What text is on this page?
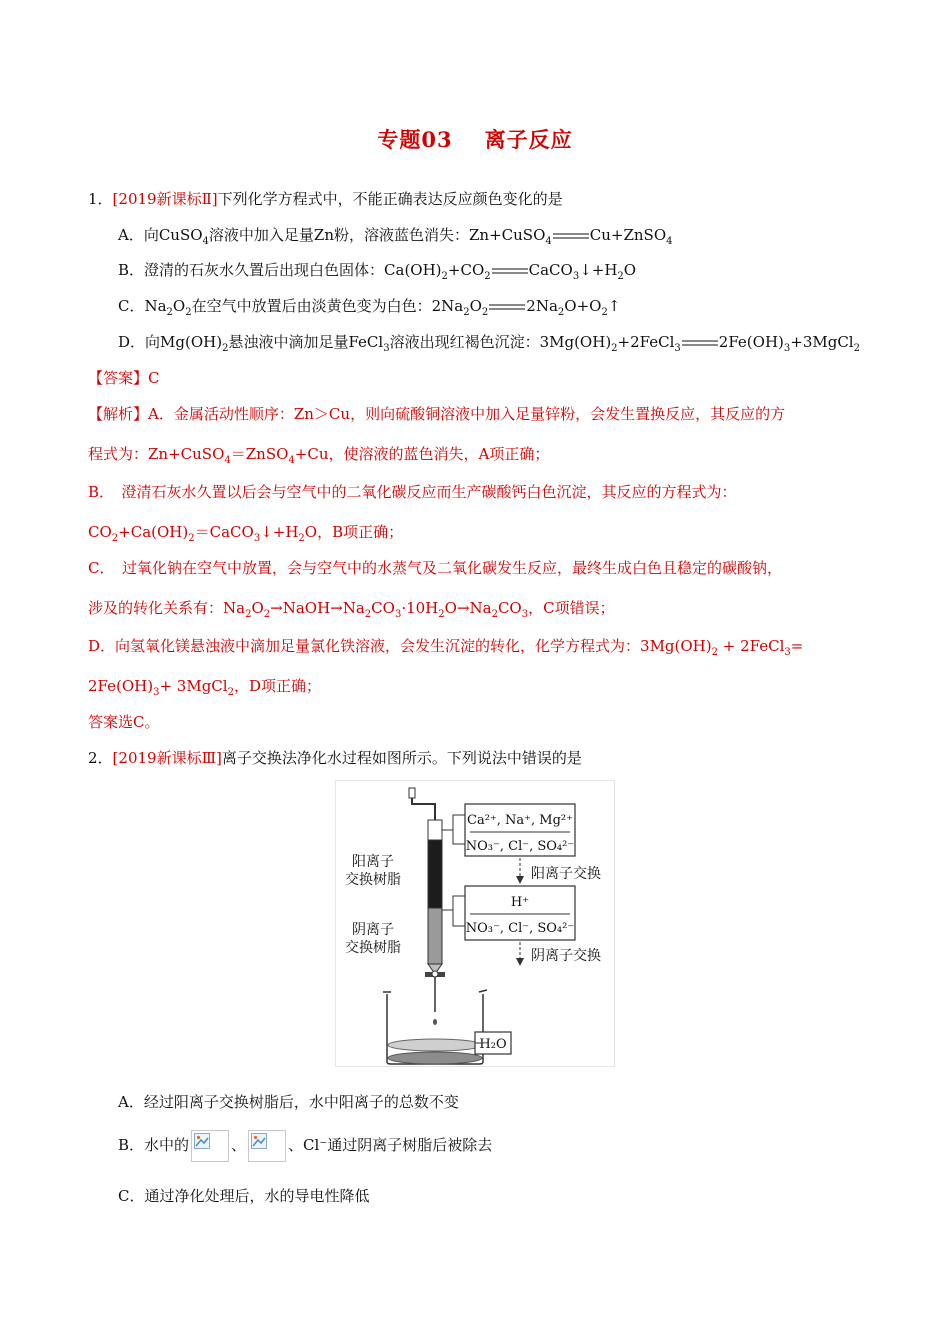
专题03 离子反应
1．[2019新课标Ⅱ]下列化学方程式中，不能正确表达反应颜色变化的是
A．向CuSO$_4$溶液中加入足量Zn粉，溶液蓝色消失：Zn+CuSO$_4$	Cu+ZnSO$_4$
B．澄清的石灰水久置后出现白色固体：$Ca(OH)_2+CO_2$	$CaCO_3↓+H_2O$
C．$Na_2O_2$在空气中放置后由淡黄色变为白色：$2Na_2O_2$	$2Na_2O+O_2↑$
D．向$Mg(OH)_2$悬浊液中滴加足量FeCl$_3$溶液出现红褐色沉淀：$3Mg(OH)_2+2FeCl_3$	$2Fe(OH)_3+3MgCl_2$
【答案】C
【解析】A．金属活动性顺序：Zn＞Cu，则向硫酸铜溶液中加入足量锌粉，会发生置换反应，其反应的方
程式为：Zn+CuSO$_4$＝ZnSO$_4$+Cu，使溶液的蓝色消失，A项正确；
B．　澄清石灰水久置以后会与空气中的二氧化碳反应而生产碳酸钙白色沉淀，其反应的方程式为：
$CO_2+Ca(OH)_2=CaCO_3↓+H_2O$，B项正确；
C．　过氧化钠在空气中放置，会与空气中的水蒸气及二氧化碳发生反应，最终生成白色且稳定的碳酸钠，
涉及的转化关系有：$Na_2O_2\to NaOH\to Na_2CO_3\cdot 10H_2O\to Na_2CO_3$，C项错误；
D．向氢氧化镁悬浊液中滴加足量氯化铁溶液，会发生沉淀的转化，化学方程式为：$3Mg(OH)_2$ + 2FeCl$_3$=
$2Fe(OH)_3+$ 3MgCl$_2$，D项正确；
答案选C。
2．[2019新课标Ⅲ]离子交换法净化水过程如图所示。下列说法中错误的是
H₂O
Ca²⁺, Na⁺, Mg²⁺
NO₃⁻, Cl⁻, SO₄²⁻
H⁺
NO₃⁻, Cl⁻, SO₄²⁻
阳离子交换
阴离子交换
阳离子
交换树脂
阴离子
交换树脂
A．经过阳离子交换树脂后，水中阳离子的总数不变
B．水中的	、	、Cl⁻通过阴离子树脂后被除去
C．通过净化处理后，水的导电性降低
